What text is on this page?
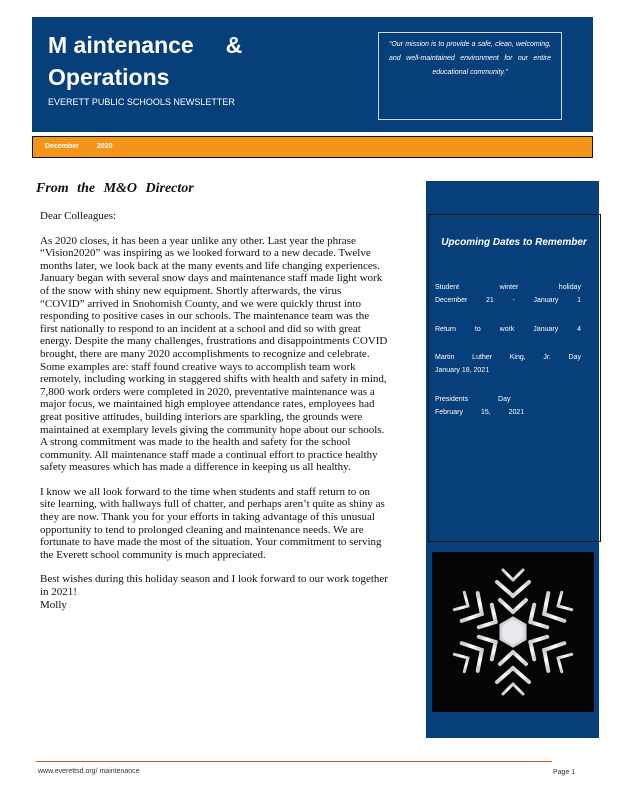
M aintenance     &
Operations
EVERETT PUBLIC SCHOOLS NEWSLETTER
“Our mission is to provide a safe, clean, welcoming, and well-maintained environment for our entire educational community.”
December	2020
From the M&O Director

Dear Colleagues:

As 2020 closes, it has been a year unlike any other. Last year the phrase “Vision2020” was inspiring as we looked forward to a new decade. Twelve months later, we look back at the many events and life changing experiences. January began with several snow days and maintenance staff made light work of the snow with shiny new equipment. Shortly afterwards, the virus “COVID” arrived in Snohomish County, and we were quickly thrust into responding to positive cases in our schools. The maintenance team was the first nationally to respond to an incident at a school and did so with great energy. Despite the many challenges, frustrations and disappointments COVID brought, there are many 2020 accomplishments to recognize and celebrate. Some examples are: staff found creative ways to accomplish team work remotely, including working in staggered shifts with health and safety in mind, 7,800 work orders were completed in 2020, preventative maintenance was a major focus, we maintained high employee attendance rates, employees had great positive attitudes, building interiors are sparkling, the grounds were maintained at exemplary levels giving the community hope about our schools. A strong commitment was made to the health and safety for the school community. All maintenance staff made a continual effort to practice healthy safety measures which has made a difference in keeping us all healthy.

I know we all look forward to the time when students and staff return to on site learning, with hallways full of chatter, and perhaps aren’t quite as shiny as they are now. Thank you for your efforts in taking advantage of this unusual opportunity to tend to prolonged cleaning and maintenance needs. We are fortunate to have made the most of the situation. Your commitment to serving the Everett school community is much appreciated.

Best wishes during this holiday season and I look forward to our work together in 2021!

Molly

Upcoming Dates to Remember
Student winter holiday
December 21 - January 1
Return to work January 4
Martin Luther King, Jr. Day
January 18, 2021
Presidents Day
February 15, 2021
www.everettsd.org/ maintenance	Page 1
